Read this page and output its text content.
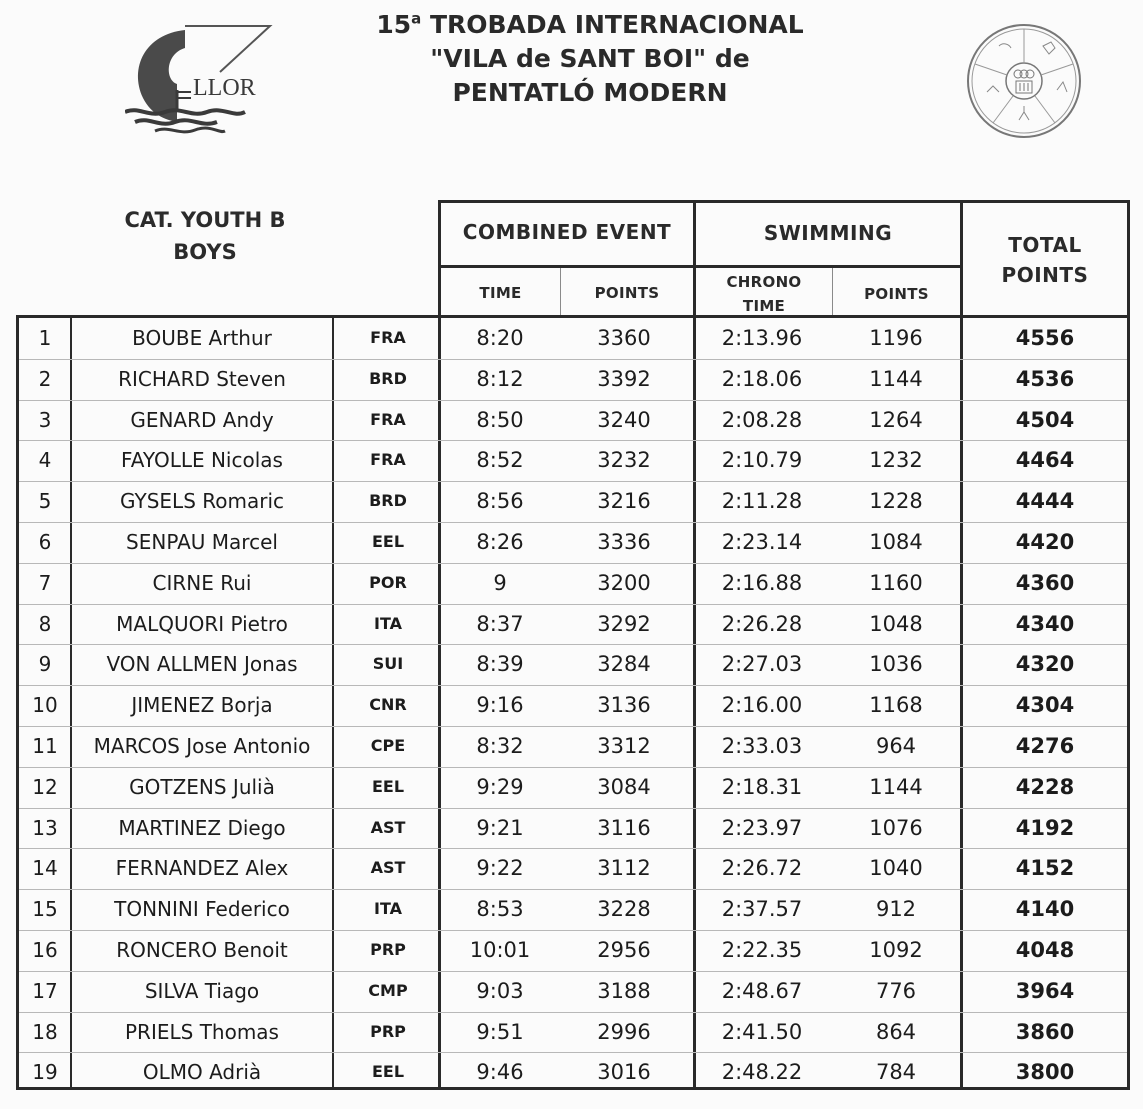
LLOR
15$^a$ TROBADA INTERNACIONAL
"VILA de SANT BOI" de
PENTATLÓ MODERN
CAT. YOUTH B
BOYS
COMBINED EVENT	SWIMMING	TOTAL
POINTS
TIME	POINTS
CHRONO
TIME
POINTS
1	BOUBE Arthur	FRA	8:20	3360	2:13.96	1196	4556
2	RICHARD Steven	BRD	8:12	3392	2:18.06	1144	4536
3	GENARD Andy	FRA	8:50	3240	2:08.28	1264	4504
4	FAYOLLE Nicolas	FRA	8:52	3232	2:10.79	1232	4464
5	GYSELS Romaric	BRD	8:56	3216	2:11.28	1228	4444
6	SENPAU Marcel	EEL	8:26	3336	2:23.14	1084	4420
7	CIRNE Rui	POR	9	3200	2:16.88	1160	4360
8	MALQUORI Pietro	ITA	8:37	3292	2:26.28	1048	4340
9	VON ALLMEN Jonas	SUI	8:39	3284	2:27.03	1036	4320
10	JIMENEZ Borja	CNR	9:16	3136	2:16.00	1168	4304
11	MARCOS Jose Antonio	CPE	8:32	3312	2:33.03	964	4276
12	GOTZENS Julià	EEL	9:29	3084	2:18.31	1144	4228
13	MARTINEZ Diego	AST	9:21	3116	2:23.97	1076	4192
14	FERNANDEZ Alex	AST	9:22	3112	2:26.72	1040	4152
15	TONNINI Federico	ITA	8:53	3228	2:37.57	912	4140
16	RONCERO Benoit	PRP	10:01	2956	2:22.35	1092	4048
17	SILVA Tiago	CMP	9:03	3188	2:48.67	776	3964
18	PRIELS Thomas	PRP	9:51	2996	2:41.50	864	3860
19	OLMO Adrià	EEL	9:46	3016	2:48.22	784	3800
